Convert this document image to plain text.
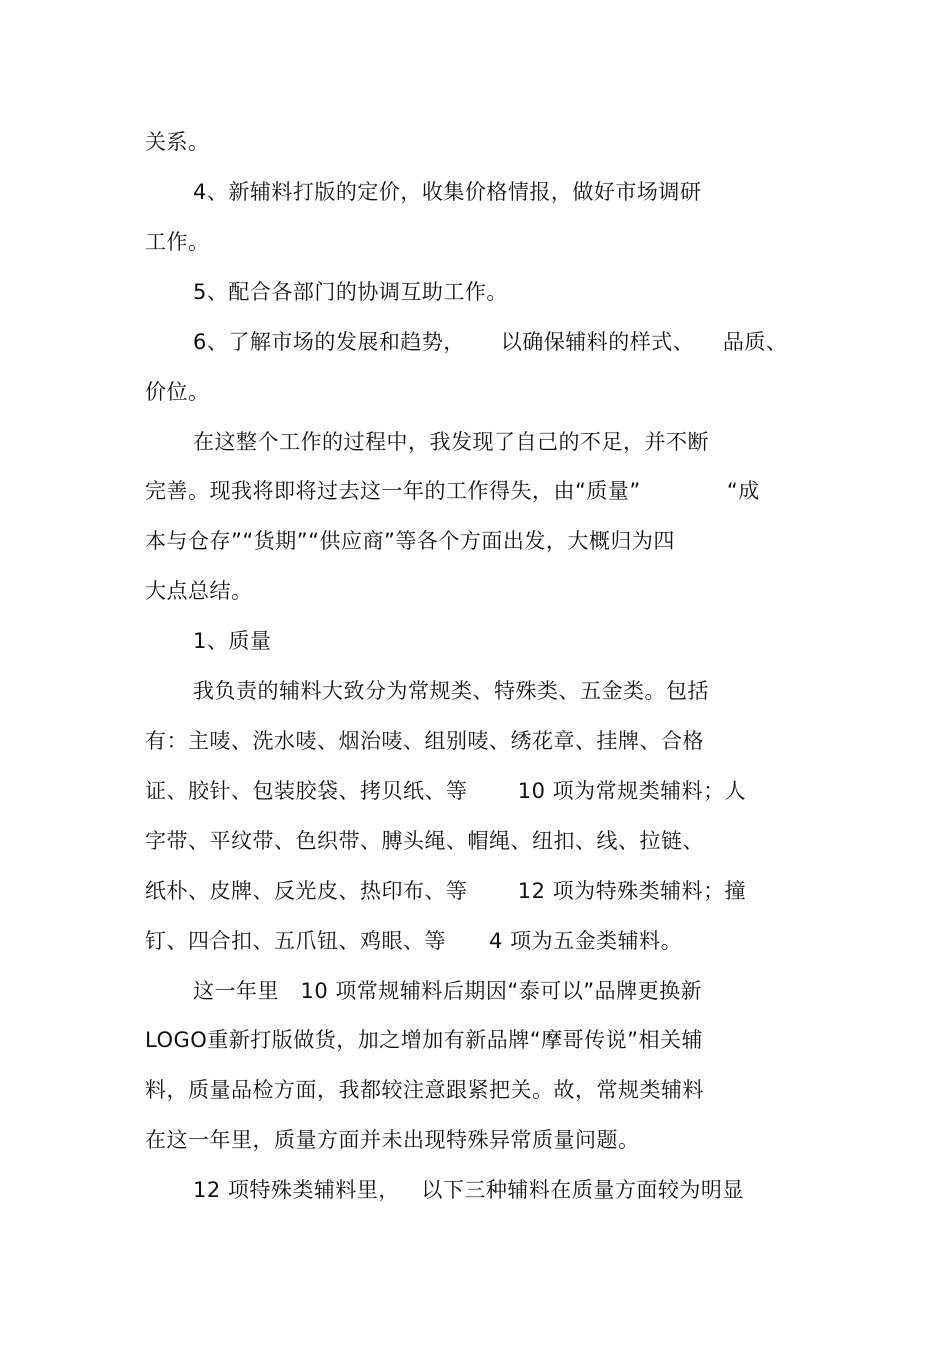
关系。
4、新辅料打版的定价，收集价格情报，做好市场调研
工作。
5、配合各部门的协调互助工作。
6、了解市场的发展和趋势，     以确保辅料的样式、    品质、
价位。
在这整个工作的过程中，我发现了自己的不足，并不断
完善。现我将即将过去这一年的工作得失，由“质量”            “成
本与仓存”“货期”“供应商”等各个方面出发，大概归为四
大点总结。
1、质量
我负责的辅料大致分为常规类、特殊类、五金类。包括
有：主唛、洗水唛、烟治唛、组别唛、绣花章、挂牌、合格
证、胶针、包装胶袋、拷贝纸、等       10 项为常规类辅料；人
字带、平纹带、色织带、膊头绳、帽绳、纽扣、线、拉链、
纸朴、皮牌、反光皮、热印布、等       12 项为特殊类辅料；撞
钉、四合扣、五爪钮、鸡眼、等      4 项为五金类辅料。
这一年里   10 项常规辅料后期因“泰可以”品牌更换新
LOGO重新打版做货，加之增加有新品牌“摩哥传说”相关辅
料，质量品检方面，我都较注意跟紧把关。故，常规类辅料
在这一年里，质量方面并未出现特殊异常质量问题。
12 项特殊类辅料里，   以下三种辅料在质量方面较为明显
